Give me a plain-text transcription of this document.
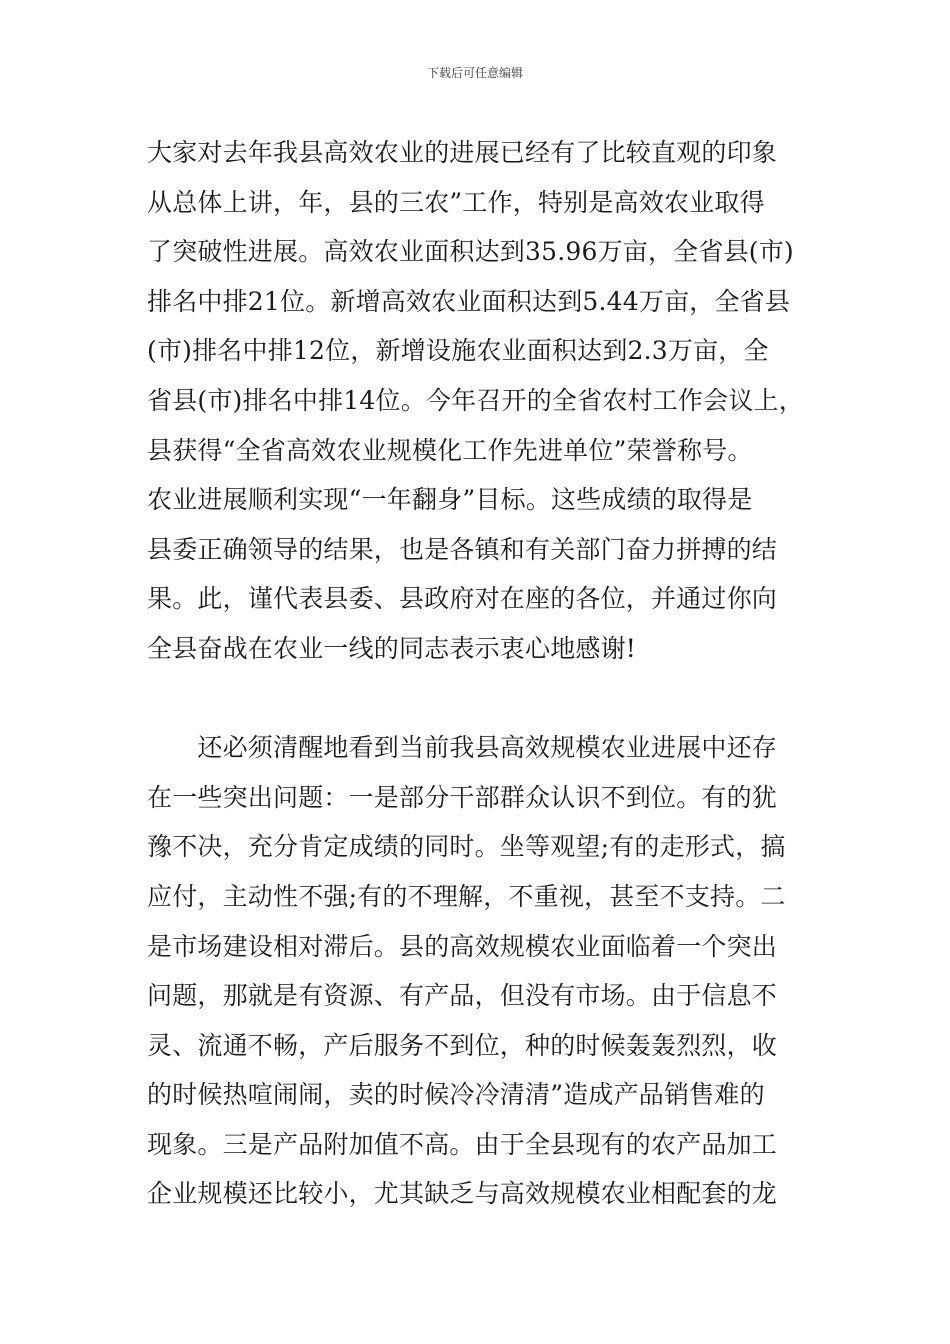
下载后可任意编辑
大家对去年我县高效农业的进展已经有了比较直观的印象
从总体上讲，年，县的三农”工作，特别是高效农业取得
了突破性进展。高效农业面积达到35.96万亩，全省县(市)
排名中排21位。新增高效农业面积达到5.44万亩，全省县
(市)排名中排12位，新增设施农业面积达到2.3万亩，全
省县(市)排名中排14位。今年召开的全省农村工作会议上，
县获得“全省高效农业规模化工作先进单位”荣誉称号。
农业进展顺利实现“一年翻身”目标。这些成绩的取得是
县委正确领导的结果，也是各镇和有关部门奋力拼搏的结
果。此，谨代表县委、县政府对在座的各位，并通过你向
全县奋战在农业一线的同志表示衷心地感谢!
　　还必须清醒地看到当前我县高效规模农业进展中还存
在一些突出问题：一是部分干部群众认识不到位。有的犹
豫不决，充分肯定成绩的同时。坐等观望;有的走形式，搞
应付，主动性不强;有的不理解，不重视，甚至不支持。二
是市场建设相对滞后。县的高效规模农业面临着一个突出
问题，那就是有资源、有产品，但没有市场。由于信息不
灵、流通不畅，产后服务不到位，种的时候轰轰烈烈，收
的时候热喧闹闹，卖的时候冷冷清清”造成产品销售难的
现象。三是产品附加值不高。由于全县现有的农产品加工
企业规模还比较小，尤其缺乏与高效规模农业相配套的龙
